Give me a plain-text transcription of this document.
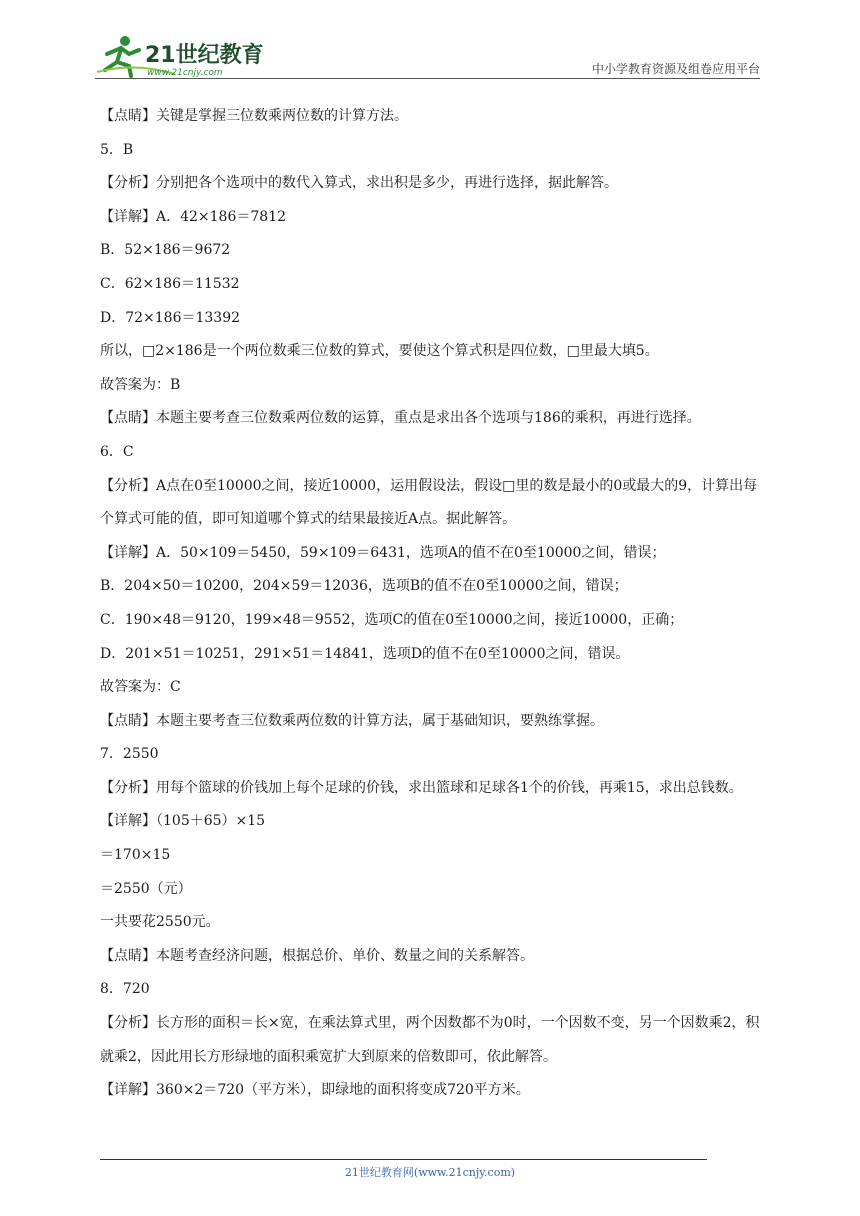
21世纪教育
www.21cnjy.com	中小学教育资源及组卷应用平台
【点睛】关键是掌握三位数乘两位数的计算方法。
5．B
【分析】分别把各个选项中的数代入算式，求出积是多少，再进行选择，据此解答。
【详解】A．42×186＝7812
B．52×186＝9672
C．62×186＝11532
D．72×186＝13392
所以，□2×186是一个两位数乘三位数的算式，要使这个算式积是四位数，□里最大填5。
故答案为：B
【点睛】本题主要考查三位数乘两位数的运算，重点是求出各个选项与186的乘积，再进行选择。
6．C
【分析】A点在0至10000之间，接近10000，运用假设法，假设□里的数是最小的0或最大的9，计算出每个算式可能的值，即可知道哪个算式的结果最接近A点。据此解答。
【详解】A．50×109＝5450，59×109＝6431，选项A的值不在0至10000之间，错误；
B．204×50＝10200，204×59＝12036，选项B的值不在0至10000之间，错误；
C．190×48＝9120，199×48＝9552，选项C的值在0至10000之间，接近10000，正确；
D．201×51＝10251，291×51＝14841，选项D的值不在0至10000之间，错误。
故答案为：C
【点睛】本题主要考查三位数乘两位数的计算方法，属于基础知识，要熟练掌握。
7．2550
【分析】用每个篮球的价钱加上每个足球的价钱，求出篮球和足球各1个的价钱，再乘15，求出总钱数。
【详解】（105＋65）×15
＝170×15
＝2550（元）
一共要花2550元。
【点睛】本题考查经济问题，根据总价、单价、数量之间的关系解答。
8．720
【分析】长方形的面积＝长×宽，在乘法算式里，两个因数都不为0时，一个因数不变，另一个因数乘2，积就乘2，因此用长方形绿地的面积乘宽扩大到原来的倍数即可，依此解答。
【详解】360×2＝720（平方米），即绿地的面积将变成720平方米。
21世纪教育网(www.21cnjy.com)
